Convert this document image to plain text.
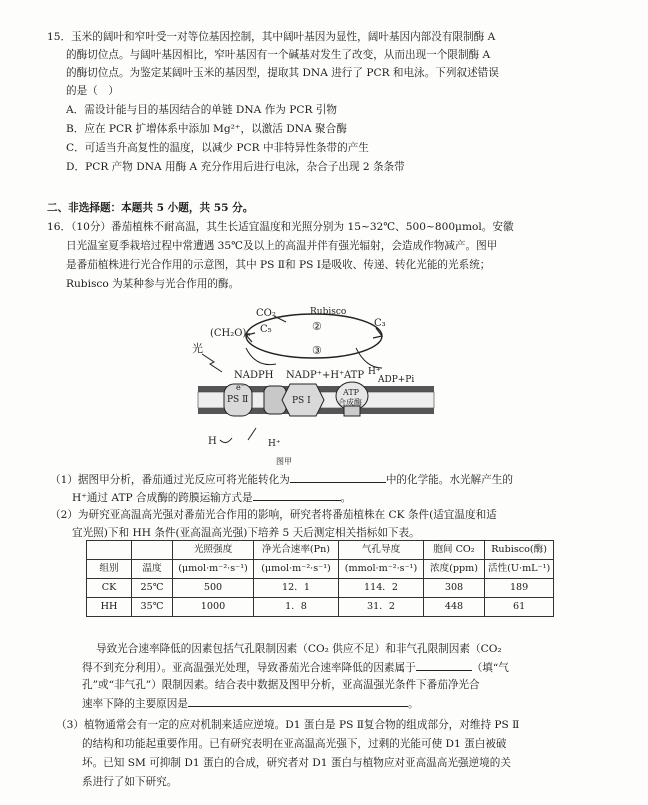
15．玉米的阔叶和窄叶受一对等位基因控制，其中阔叶基因为显性，阔叶基因内部没有限制酶 A
的酶切位点。与阔叶基因相比，窄叶基因有一个碱基对发生了改变，从而出现一个限制酶 A
的酶切位点。为鉴定某阔叶玉米的基因型，提取其 DNA 进行了 PCR 和电泳。下列叙述错误
的是（　）
A．需设计能与目的基因结合的单链 DNA 作为 PCR 引物
B．应在 PCR 扩增体系中添加 Mg²⁺，以激活 DNA 聚合酶
C．可适当升高复性的温度，以减少 PCR 中非特异性条带的产生
D．PCR 产物 DNA 用酶 A 充分作用后进行电泳，杂合子出现 2 条条带
二、非选择题：本题共 5 小题，共 55 分。
16．（10分）番茄植株不耐高温，其生长适宜温度和光照分别为 15~32℃、500~800μmol。安徽
日光温室夏季栽培过程中常遭遇 35℃及以上的高温并伴有强光辐射，会造成作物减产。图甲
是番茄植株进行光合作用的示意图，其中 PS Ⅱ和 PS Ⅰ是吸收、传递、转化光能的光系统；
Rubisco 为某种参与光合作用的酶。
CO₂	Rubisco
C₅
C₃
(CH₂O)ₙ
②
③
光
NADPH NADP⁺+H⁺ ATP H⁺
ADP+Pi
PS Ⅱ
e⁻
PS Ⅰ
ATP
合成酶
H	H⁺
图甲
（1）据图甲分析，番茄通过光反应可将光能转化为	中的化学能。水光解产生的
H⁺通过 ATP 合成酶的跨膜运输方式是	。
（2）为研究亚高温高光强对番茄光合作用的影响，研究者将番茄植株在 CK 条件(适宜温度和适
宜光照)下和 HH 条件(亚高温高光强)下培养 5 天后测定相关指标如下表。
		光照强度	净光合速率(Pn)	气孔导度	胞间 CO₂	Rubisco(酶)
组别	温度	(μmol·m⁻²·s⁻¹)	(μmol·m⁻²·s⁻¹)	(mmol·m⁻²·s⁻¹)	浓度(ppm)	活性(U·mL⁻¹)
CK	25℃	500	12．1	114．2	308	189
HH	35℃	1000	1．8	31．2	448	61
导致光合速率降低的因素包括气孔限制因素（CO₂ 供应不足）和非气孔限制因素（CO₂
得不到充分利用）。亚高温强光处理，导致番茄光合速率降低的因素属于	（填“气
孔”或“非气孔”）限制因素。结合表中数据及图甲分析，亚高温强光条件下番茄净光合
速率下降的主要原因是	。
（3）植物通常会有一定的应对机制来适应逆境。D1 蛋白是 PS Ⅱ复合物的组成部分，对维持 PS Ⅱ
的结构和功能起重要作用。已有研究表明在亚高温高光强下，过剩的光能可使 D1 蛋白被破
坏。已知 SM 可抑制 D1 蛋白的合成，研究者对 D1 蛋白与植物应对亚高温高光强逆境的关
系进行了如下研究。
